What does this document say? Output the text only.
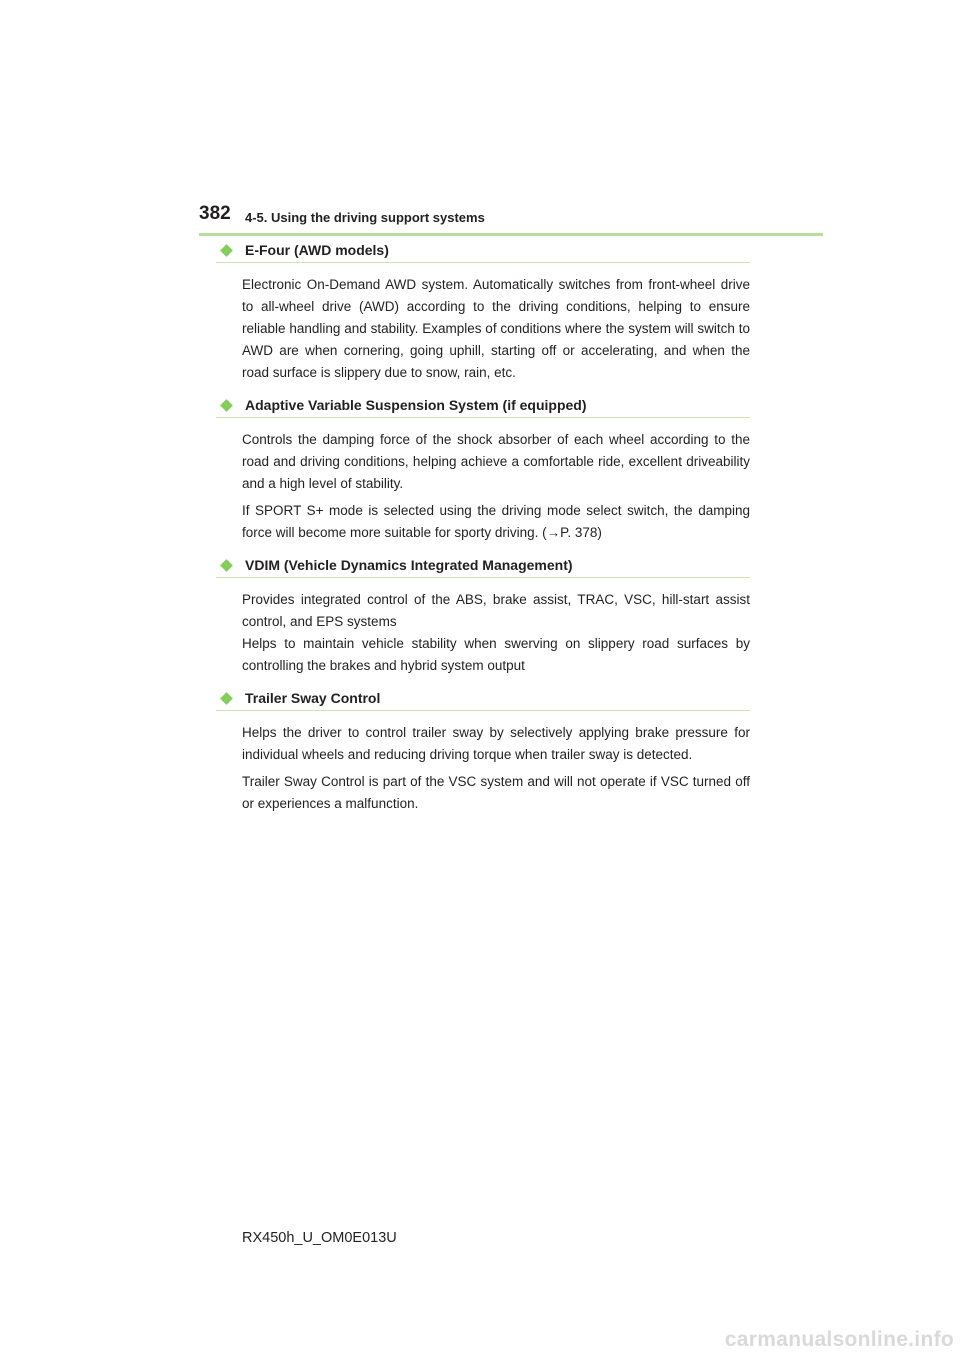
382 4-5. Using the driving support systems
E-Four (AWD models)

Electronic On-Demand AWD system. Automatically switches from front-wheel drive to all-wheel drive (AWD) according to the driving conditions, helping to ensure reliable handling and stability. Examples of conditions where the system will switch to AWD are when cornering, going uphill, starting off or accelerating, and when the road surface is slippery due to snow, rain, etc.

Adaptive Variable Suspension System (if equipped)

Controls the damping force of the shock absorber of each wheel according to the road and driving conditions, helping achieve a comfortable ride, excellent driveability and a high level of stability.

If SPORT S+ mode is selected using the driving mode select switch, the damping force will become more suitable for sporty driving. (→P. 378)

VDIM (Vehicle Dynamics Integrated Management)

Provides integrated control of the ABS, brake assist, TRAC, VSC, hill-start assist control, and EPS systems

Helps to maintain vehicle stability when swerving on slippery road surfaces by controlling the brakes and hybrid system output

Trailer Sway Control

Helps the driver to control trailer sway by selectively applying brake pressure for individual wheels and reducing driving torque when trailer sway is detected.

Trailer Sway Control is part of the VSC system and will not operate if VSC turned off or experiences a malfunction.

RX450h_U_OM0E013U
carmanualsonline.info
